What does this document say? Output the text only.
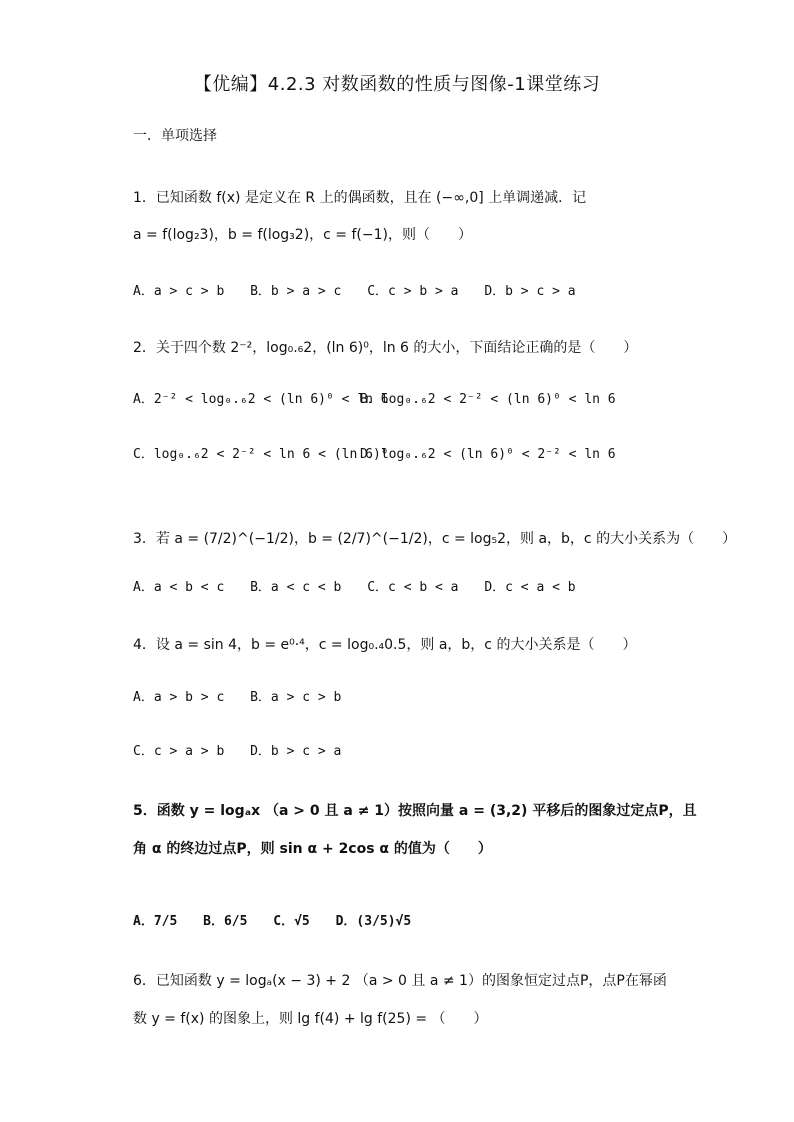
【优编】4.2.3 对数函数的性质与图像-1课堂练习
一．单项选择
1．已知函数 f(x) 是定义在 R 上的偶函数，且在 (−∞,0] 上单调递减．记
a = f(log₂3)，b = f(log₃2)，c = f(−1)，则（　　）
A．a > c > b B．b > a > c C．c > b > a D．b > c > a
2．关于四个数 2⁻²，log₀.₆2，(ln 6)⁰，ln 6 的大小，下面结论正确的是（　　）
A．2⁻² < log₀.₆2 < (ln 6)⁰ < ln 6
B．log₀.₆2 < 2⁻² < (ln 6)⁰ < ln 6
C．log₀.₆2 < 2⁻² < ln 6 < (ln 6)⁰
D．log₀.₆2 < (ln 6)⁰ < 2⁻² < ln 6
3．若 a = (7/2)^(−1/2)，b = (2/7)^(−1/2)，c = log₅2，则 a，b，c 的大小关系为（　　）
A．a < b < c B．a < c < b C．c < b < a D．c < a < b
4．设 a = sin 4，b = e⁰·⁴，c = log₀.₄0.5，则 a，b，c 的大小关系是（　　）
A．a > b > c B．a > c > b
C．c > a > b D．b > c > a
5．函数 y = logₐx （a > 0 且 a ≠ 1）按照向量 a = (3,2) 平移后的图象过定点P，且
角 α 的终边过点P，则 sin α + 2cos α 的值为（　　）
A．7/5 B．6/5 C．√5 D．(3/5)√5
6．已知函数 y = logₐ(x − 3) + 2 （a > 0 且 a ≠ 1）的图象恒定过点P，点P在幂函
数 y = f(x) 的图象上，则 lg f(4) + lg f(25) = （　　）
